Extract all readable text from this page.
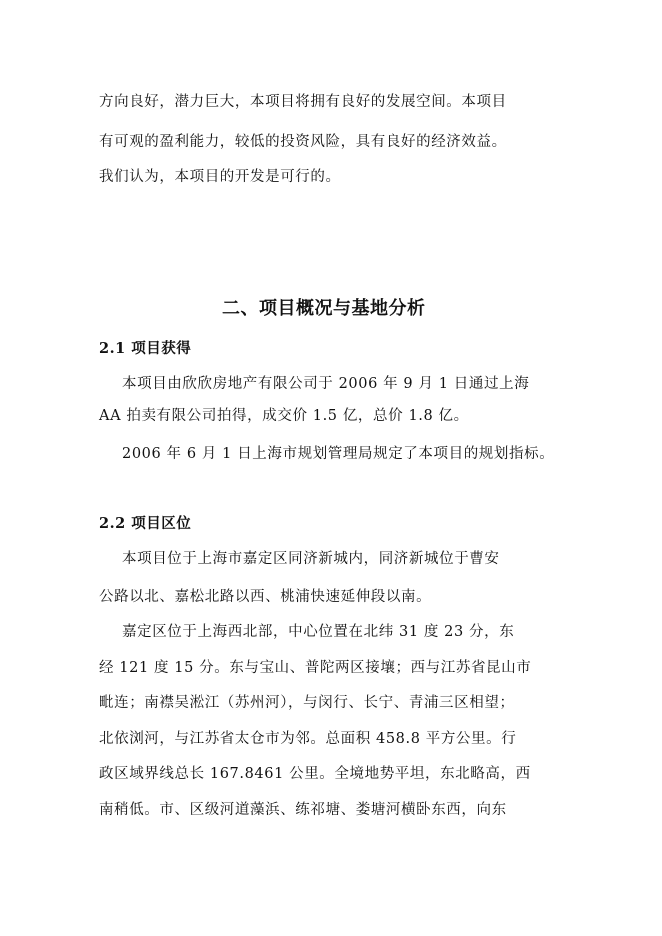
方向良好，潜力巨大，本项目将拥有良好的发展空间。本项目
有可观的盈利能力，较低的投资风险，具有良好的经济效益。
我们认为，本项目的开发是可行的。
二、项目概况与基地分析
2.1 项目获得
本项目由欣欣房地产有限公司于 2006 年 9 月 1 日通过上海
AA 拍卖有限公司拍得，成交价 1.5 亿，总价 1.8 亿。
2006 年 6 月 1 日上海市规划管理局规定了本项目的规划指标。
2.2 项目区位
本项目位于上海市嘉定区同济新城内，同济新城位于曹安
公路以北、嘉松北路以西、桃浦快速延伸段以南。
嘉定区位于上海西北部，中心位置在北纬 31 度 23 分，东
经 121 度 15 分。东与宝山、普陀两区接壤；西与江苏省昆山市
毗连；南襟吴淞江（苏州河），与闵行、长宁、青浦三区相望；
北依浏河，与江苏省太仓市为邻。总面积 458.8 平方公里。行
政区域界线总长 167.8461 公里。全境地势平坦，东北略高，西
南稍低。市、区级河道藻浜、练祁塘、娄塘河横卧东西，向东
